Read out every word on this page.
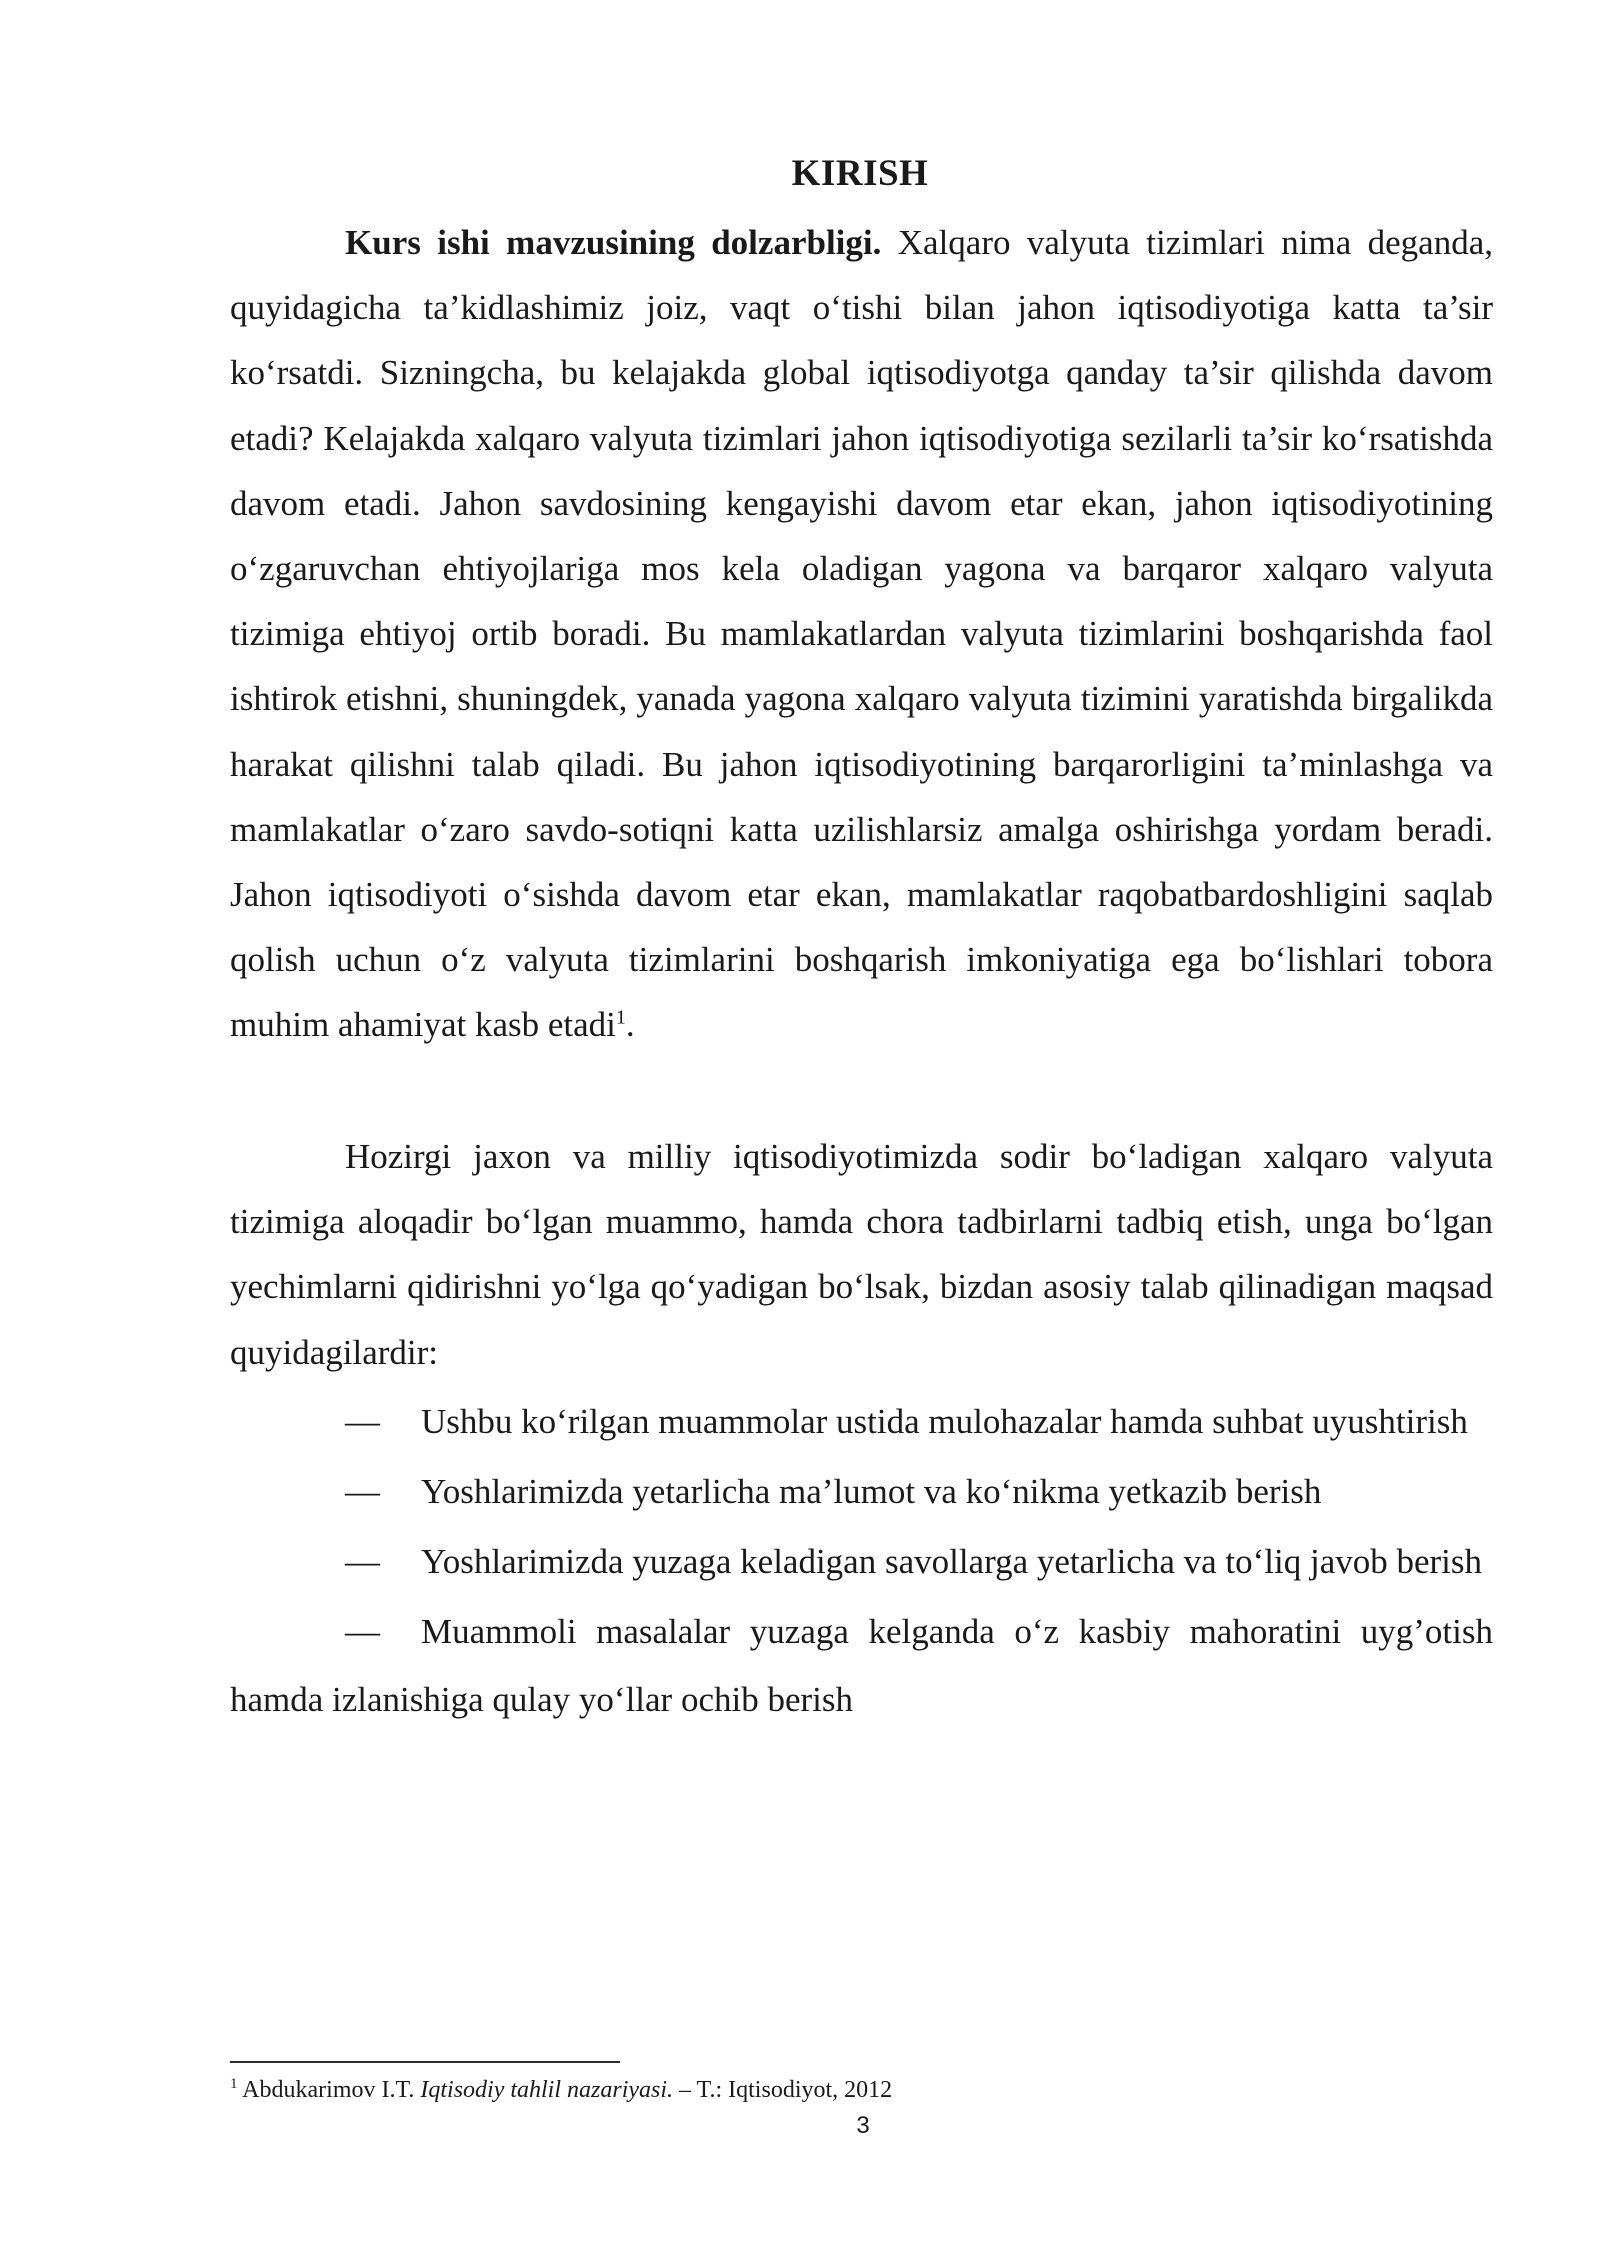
KIRISH

Kurs ishi mavzusining dolzarbligi. Xalqaro valyuta tizimlari nima deganda, quyidagicha ta’kidlashimiz joiz, vaqt o‘tishi bilan jahon iqtisodiyotiga katta ta’sir ko‘rsatdi. Sizningcha, bu kelajakda global iqtisodiyotga qanday ta’sir qilishda davom etadi? Kelajakda xalqaro valyuta tizimlari jahon iqtisodiyotiga sezilarli ta’sir ko‘rsatishda davom etadi. Jahon savdosining kengayishi davom etar ekan, jahon iqtisodiyotining o‘zgaruvchan ehtiyojlariga mos kela oladigan yagona va barqaror xalqaro valyuta tizimiga ehtiyoj ortib boradi. Bu mamlakatlardan valyuta tizimlarini boshqarishda faol ishtirok etishni, shuningdek, yanada yagona xalqaro valyuta tizimini yaratishda birgalikda harakat qilishni talab qiladi. Bu jahon iqtisodiyotining barqarorligini ta’minlashga va mamlakatlar o‘zaro savdo-sotiqni katta uzilishlarsiz amalga oshirishga yordam beradi. Jahon iqtisodiyoti o‘sishda davom etar ekan, mamlakatlar raqobatbardoshligini saqlab qolish uchun o‘z valyuta tizimlarini boshqarish imkoniyatiga ega bo‘lishlari tobora muhim ahamiyat kasb etadi$^1$.

Hozirgi jaxon va milliy iqtisodiyotimizda sodir bo‘ladigan xalqaro valyuta tizimiga aloqadir bo‘lgan muammo, hamda chora tadbirlarni tadbiq etish, unga bo‘lgan yechimlarni qidirishni yo‘lga qo‘yadigan bo‘lsak, bizdan asosiy talab qilinadigan maqsad quyidagilardir:

— Ushbu ko‘rilgan muammolar ustida mulohazalar hamda suhbat uyushtirish

— Yoshlarimizda yetarlicha ma’lumot va ko‘nikma yetkazib berish

— Yoshlarimizda yuzaga keladigan savollarga yetarlicha va to‘liq javob berish

— Muammoli masalalar yuzaga kelganda o‘z kasbiy mahoratini uyg’otish hamda izlanishiga qulay yo‘llar ochib berish

$^1$ Abdukarimov I.T. Iqtisodiy tahlil nazariyasi. – T.: Iqtisodiyot, 2012
3
